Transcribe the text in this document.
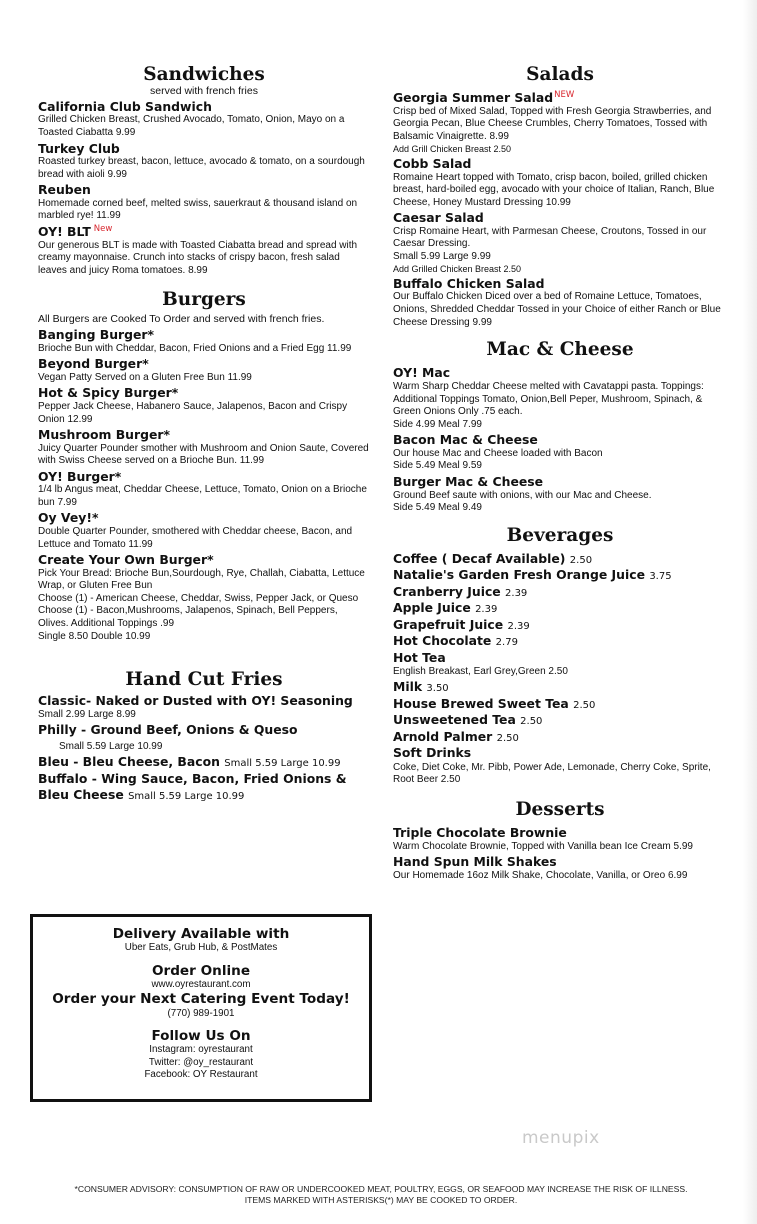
Sandwiches
served with french fries
California Club Sandwich
Grilled Chicken Breast, Crushed Avocado, Tomato, Onion, Mayo on a Toasted Ciabatta 9.99
Turkey Club
Roasted turkey breast, bacon, lettuce, avocado & tomato, on a sourdough bread with aioli 9.99
Reuben
Homemade corned beef, melted swiss, sauerkraut & thousand island on marbled rye! 11.99
OY! BLT $^{New}$
Our generous BLT is made with Toasted Ciabatta bread and spread with creamy mayonnaise. Crunch into stacks of crispy bacon, fresh salad leaves and juicy Roma tomatoes. 8.99
Burgers
All Burgers are Cooked To Order and served with french fries.
Banging Burger*
Brioche Bun with Cheddar, Bacon, Fried Onions and a Fried Egg 11.99
Beyond Burger*
Vegan Patty Served on a Gluten Free Bun 11.99
Hot & Spicy Burger*
Pepper Jack Cheese, Habanero Sauce, Jalapenos, Bacon and Crispy Onion 12.99
Mushroom Burger*
Juicy Quarter Pounder smother with Mushroom and Onion Saute, Covered with Swiss Cheese served on a Brioche Bun. 11.99
OY! Burger*
1/4 lb Angus meat, Cheddar Cheese, Lettuce, Tomato, Onion on a Brioche bun 7.99
Oy Vey!*
Double Quarter Pounder, smothered with Cheddar cheese, Bacon, and Lettuce and Tomato 11.99
Create Your Own Burger*
Pick Your Bread: Brioche Bun,Sourdough, Rye, Challah, Ciabatta, Lettuce Wrap, or Gluten Free Bun
Choose (1) - American Cheese, Cheddar, Swiss, Pepper Jack, or Queso
Choose (1) - Bacon,Mushrooms, Jalapenos, Spinach, Bell Peppers, Olives. Additional Toppings .99
Single 8.50 Double 10.99
Hand Cut Fries
Classic- Naked or Dusted with OY! Seasoning
Small 2.99 Large 8.99
Philly - Ground Beef, Onions & Queso
Small 5.59 Large 10.99
Bleu - Bleu Cheese, Bacon Small 5.59 Large 10.99
Buffalo - Wing Sauce, Bacon, Fried Onions & Bleu Cheese Small 5.59 Large 10.99
Salads
Georgia Summer Salad$^{NEW}$
Crisp bed of Mixed Salad, Topped with Fresh Georgia Strawberries, and Georgia Pecan, Blue Cheese Crumbles, Cherry Tomatoes, Tossed with Balsamic Vinaigrette. 8.99
Add Grill Chicken Breast 2.50
Cobb Salad
Romaine Heart topped with Tomato, crisp bacon, boiled, grilled chicken breast, hard-boiled egg, avocado with your choice of Italian, Ranch, Blue Cheese, Honey Mustard Dressing 10.99
Caesar Salad
Crisp Romaine Heart, with Parmesan Cheese, Croutons, Tossed in our Caesar Dressing.
Small 5.99 Large 9.99
Add Grilled Chicken Breast 2.50
Buffalo Chicken Salad
Our Buffalo Chicken Diced over a bed of Romaine Lettuce, Tomatoes, Onions, Shredded Cheddar Tossed in your Choice of either Ranch or Blue Cheese Dressing 9.99
Mac & Cheese
OY! Mac
Warm Sharp Cheddar Cheese melted with Cavatappi pasta. Toppings: Additional Toppings Tomato, Onion,Bell Peper, Mushroom, Spinach, & Green Onions Only .75 each.
Side 4.99 Meal 7.99
Bacon Mac & Cheese
Our house Mac and Cheese loaded with Bacon
Side 5.49 Meal 9.59
Burger Mac & Cheese
Ground Beef saute with onions, with our Mac and Cheese.
Side 5.49 Meal 9.49
Beverages
Coffee ( Decaf Available) 2.50
Natalie's Garden Fresh Orange Juice 3.75
Cranberry Juice 2.39
Apple Juice 2.39
Grapefruit Juice 2.39
Hot Chocolate 2.79
Hot Tea
English Breakast, Earl Grey,Green 2.50
Milk 3.50
House Brewed Sweet Tea 2.50
Unsweetened Tea 2.50
Arnold Palmer 2.50
Soft Drinks
Coke, Diet Coke, Mr. Pibb, Power Ade, Lemonade, Cherry Coke, Sprite, Root Beer 2.50
Desserts
Triple Chocolate Brownie
Warm Chocolate Brownie, Topped with Vanilla bean Ice Cream 5.99
Hand Spun Milk Shakes
Our Homemade 16oz Milk Shake, Chocolate, Vanilla, or Oreo 6.99
Delivery Available with
Uber Eats, Grub Hub, & PostMates
Order Online
www.oyrestaurant.com
Order your Next Catering Event Today!
(770) 989-1901
Follow Us On
Instagram: oyrestaurant
Twitter: @oy_restaurant
Facebook: OY Restaurant
menupix
*CONSUMER ADVISORY: CONSUMPTION OF RAW OR UNDERCOOKED MEAT, POULTRY, EGGS, OR SEAFOOD MAY INCREASE THE RISK OF ILLNESS.
ITEMS MARKED WITH ASTERISKS(*) MAY BE COOKED TO ORDER.
